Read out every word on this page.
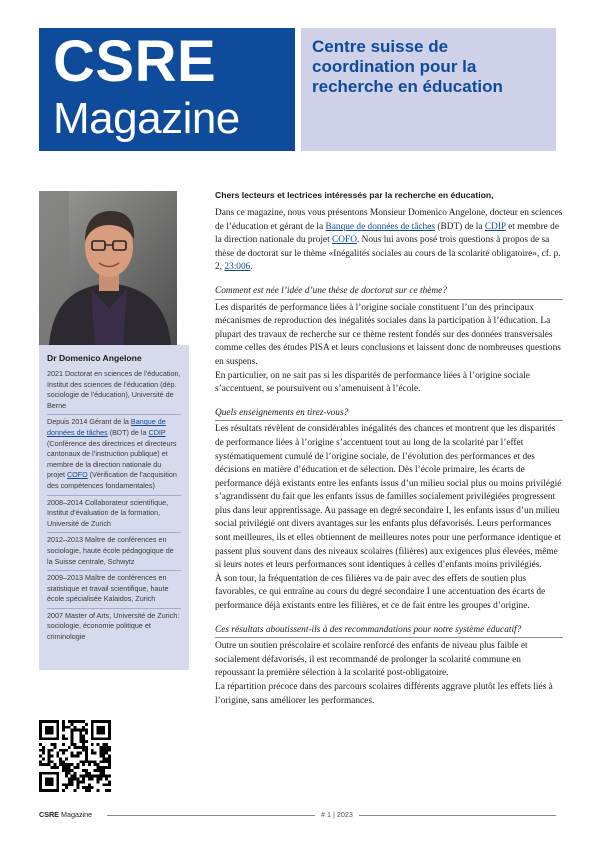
CSRE
Magazine
Centre suisse de coordination pour la recherche en éducation
Dr Domenico Angelone

2021 Doctorat en sciences de l’éducation, Institut des sciences de l’éducation (dép. sociologie de l’éducation), Université de Berne

Depuis 2014 Gérant de la Banque de données de tâches (BDT) de la CDIP (Conférence des directrices et directeurs cantonaux de l’instruction publique) et membre de la direction nationale du projet COFO (Vérification de l’acquisition des compétences fondamentales)

2008–2014 Collaborateur scientifique, Institut d’évaluation de la formation, Université de Zurich

2012–2013 Maître de conférences en sociologie, haute école pédagogique de la Suisse centrale, Schwytz

2009–2013 Maître de conférences en statistique et travail scientifique, haute école spécialisée Kalaidos, Zurich

2007 Master of Arts, Université de Zurich: sociologie, économie politique et criminologie

Chers lecteurs et lectrices intéressés par la recherche en éducation,

Dans ce magazine, nous vous présentons Monsieur Domenico Angelone, docteur en sciences de l’éducation et gérant de la Banque de données de tâches (BDT) de la CDIP et membre de la direction nationale du projet COFO. Nous lui avons posé trois questions à propos de sa thèse de doctorat sur le thème «Inégalités sociales au cours de la scolarité obligatoire», cf. p. 2, 23:006.

Comment est née l’idée d’une thèse de doctorat sur ce thème?

Les disparités de performance liées à l’origine sociale constituent l’un des principaux mécanismes de reproduction des inégalités sociales dans la participation à l’éducation. La plupart des travaux de recherche sur ce thème restent fondés sur des données transversales comme celles des études PISA et leurs conclusions et laissent donc de nombreuses questions en suspens.

En particulier, on ne sait pas si les disparités de performance liées à l’origine sociale s’accentuent, se poursuivent ou s’amenuisent à l’école.

Quels enseignements en tirez-vous?

Les résultats révèlent de considérables inégalités des chances et montrent que les disparités de performance liées à l’origine s’accentuent tout au long de la scolarité par l’effet systématiquement cumulé de l’origine sociale, de l’évolution des performances et des décisions en matière d’éducation et de sélection. Dès l’école primaire, les écarts de performance déjà existants entre les enfants issus d’un milieu social plus ou moins privilégié s’agrandissent du fait que les enfants issus de familles socialement privilégiées progressent plus dans leur apprentissage. Au passage en degré secondaire I, les enfants issus d’un milieu social privilégié ont divers avantages sur les enfants plus défavorisés. Leurs performances sont meilleures, ils et elles obtiennent de meilleures notes pour une performance identique et passent plus souvent dans des niveaux scolaires (filières) aux exigences plus élevées, même si leurs notes et leurs performances sont identiques à celles d’enfants moins privilégiés.

À son tour, la fréquentation de ces filières va de pair avec des effets de soutien plus favorables, ce qui entraîne au cours du degré secondaire I une accentuation des écarts de performance déjà existants entre les filières, et ce de fait entre les groupes d’origine.

Ces résultats aboutissent-ils à des recommandations pour notre système éducatif?

Outre un soutien préscolaire et scolaire renforcé des enfants de niveau plus faible et socialement défavorisés, il est recommandé de prolonger la scolarité commune en repoussant la première sélection à la scolarité post-obligatoire.

La répartition précoce dans des parcours scolaires différents aggrave plutôt les effets liés à l’origine, sans améliorer les performances.

CSRE Magazine	# 1 | 2023
